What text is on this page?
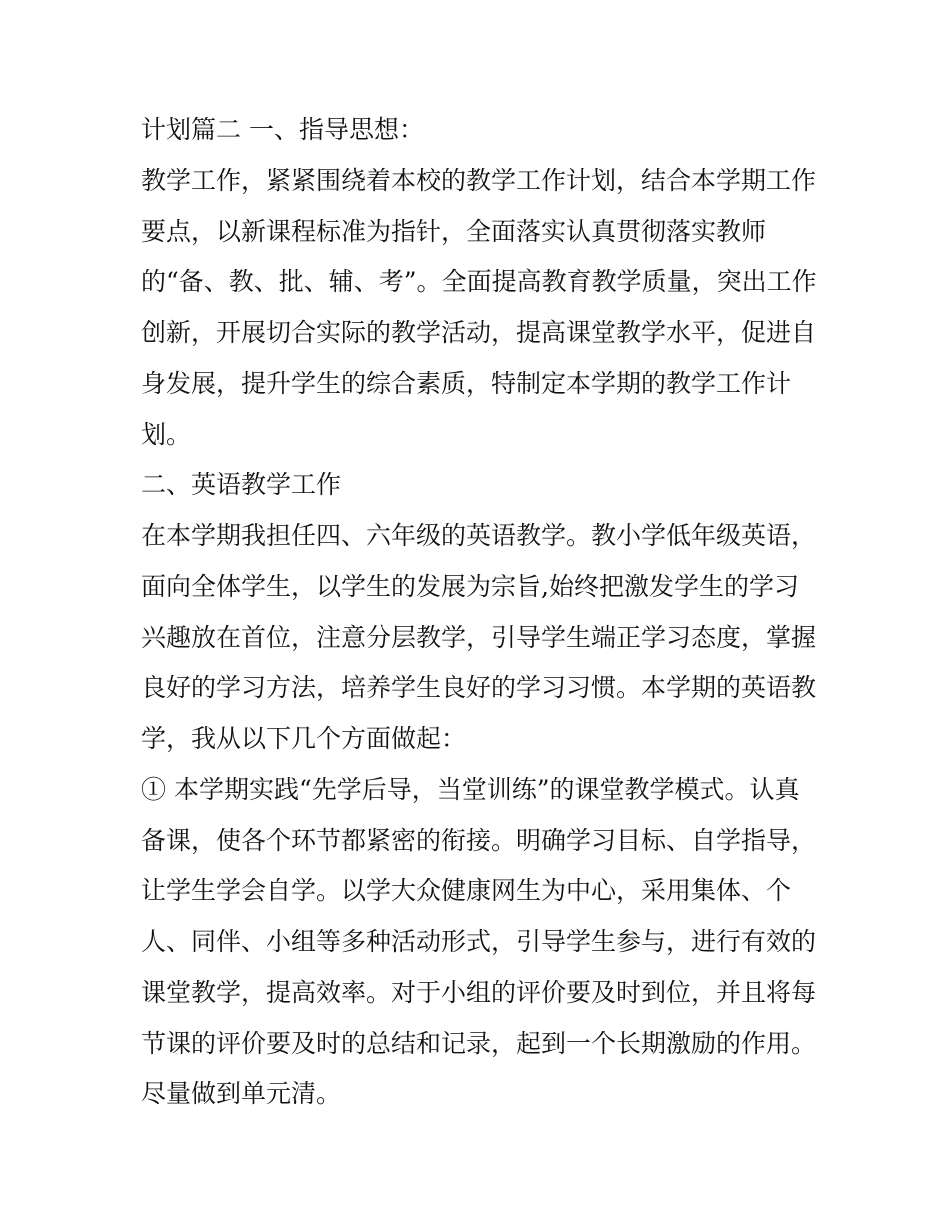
计划篇二 一、指导思想：
教学工作，紧紧围绕着本校的教学工作计划，结合本学期工作
要点，以新课程标准为指针，全面落实认真贯彻落实教师
的“备、教、批、辅、考”。全面提高教育教学质量，突出工作
创新，开展切合实际的教学活动，提高课堂教学水平，促进自
身发展，提升学生的综合素质，特制定本学期的教学工作计
划。
二、英语教学工作
在本学期我担任四、六年级的英语教学。教小学低年级英语，
面向全体学生，以学生的发展为宗旨,始终把激发学生的学习
兴趣放在首位，注意分层教学，引导学生端正学习态度，掌握
良好的学习方法，培养学生良好的学习习惯。本学期的英语教
学，我从以下几个方面做起：
① 本学期实践“先学后导，当堂训练”的课堂教学模式。认真
备课，使各个环节都紧密的衔接。明确学习目标、自学指导，
让学生学会自学。以学大众健康网生为中心，采用集体、个
人、同伴、小组等多种活动形式，引导学生参与，进行有效的
课堂教学，提高效率。对于小组的评价要及时到位，并且将每
节课的评价要及时的总结和记录，起到一个长期激励的作用。
尽量做到单元清。
